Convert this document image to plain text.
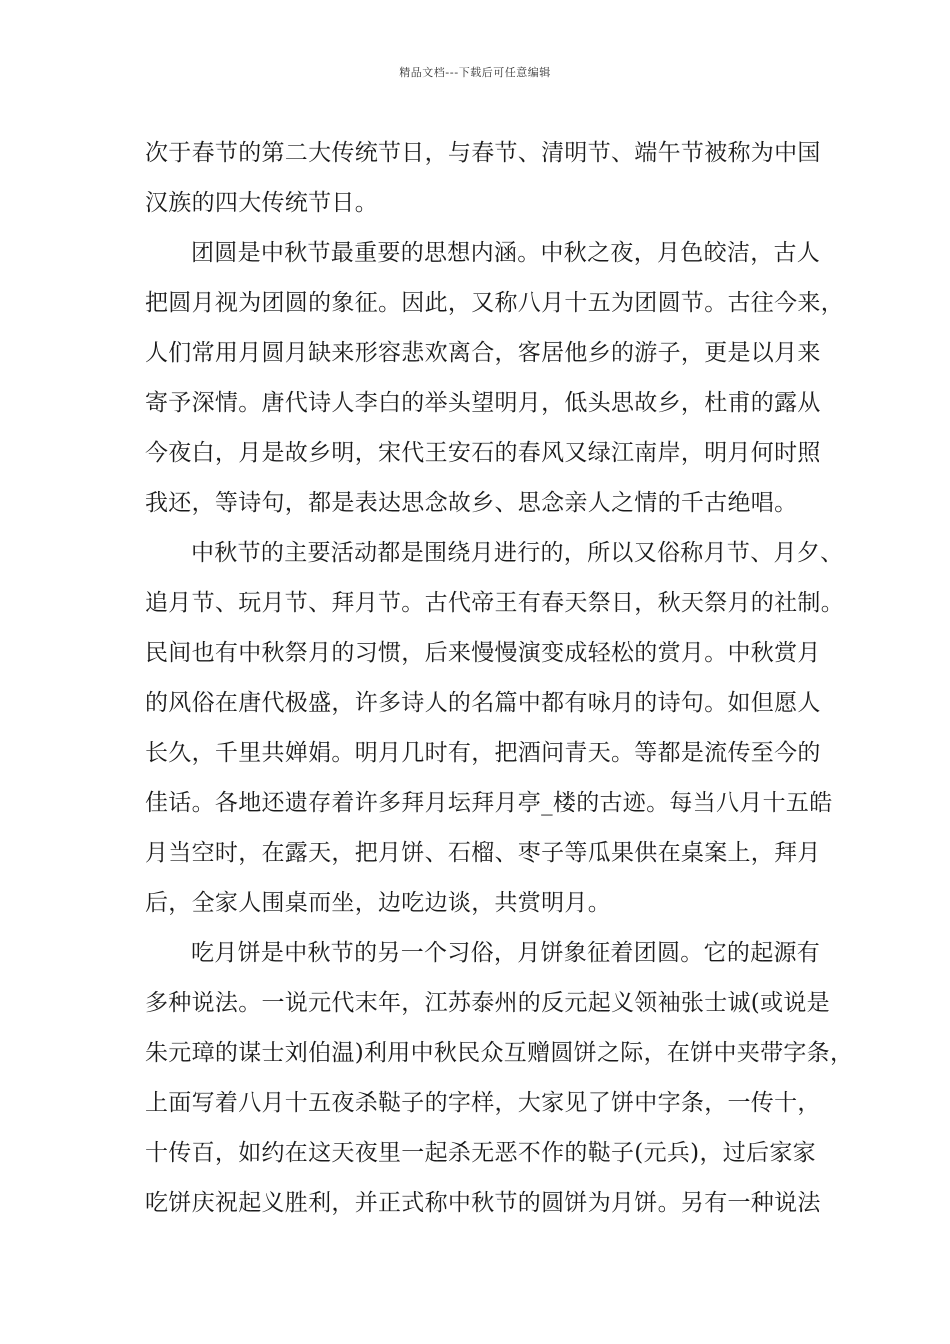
精品文档---下载后可任意编辑
次于春节的第二大传统节日，与春节、清明节、端午节被称为中国
汉族的四大传统节日。
团圆是中秋节最重要的思想内涵。中秋之夜，月色皎洁，古人
把圆月视为团圆的象征。因此，又称八月十五为团圆节。古往今来，
人们常用月圆月缺来形容悲欢离合，客居他乡的游子，更是以月来
寄予深情。唐代诗人李白的举头望明月，低头思故乡，杜甫的露从
今夜白，月是故乡明，宋代王安石的春风又绿江南岸，明月何时照
我还，等诗句，都是表达思念故乡、思念亲人之情的千古绝唱。
中秋节的主要活动都是围绕月进行的，所以又俗称月节、月夕、
追月节、玩月节、拜月节。古代帝王有春天祭日，秋天祭月的社制。
民间也有中秋祭月的习惯，后来慢慢演变成轻松的赏月。中秋赏月
的风俗在唐代极盛，许多诗人的名篇中都有咏月的诗句。如但愿人
长久，千里共婵娟。明月几时有，把酒问青天。等都是流传至今的
佳话。各地还遗存着许多拜月坛拜月亭_楼的古迹。每当八月十五皓
月当空时，在露天，把月饼、石榴、枣子等瓜果供在桌案上，拜月
后，全家人围桌而坐，边吃边谈，共赏明月。
吃月饼是中秋节的另一个习俗，月饼象征着团圆。它的起源有
多种说法。一说元代末年，江苏泰州的反元起义领袖张士诚(或说是
朱元璋的谋士刘伯温)利用中秋民众互赠圆饼之际，在饼中夹带字条，
上面写着八月十五夜杀鞑子的字样，大家见了饼中字条，一传十，
十传百，如约在这天夜里一起杀无恶不作的鞑子(元兵)，过后家家
吃饼庆祝起义胜利，并正式称中秋节的圆饼为月饼。另有一种说法
